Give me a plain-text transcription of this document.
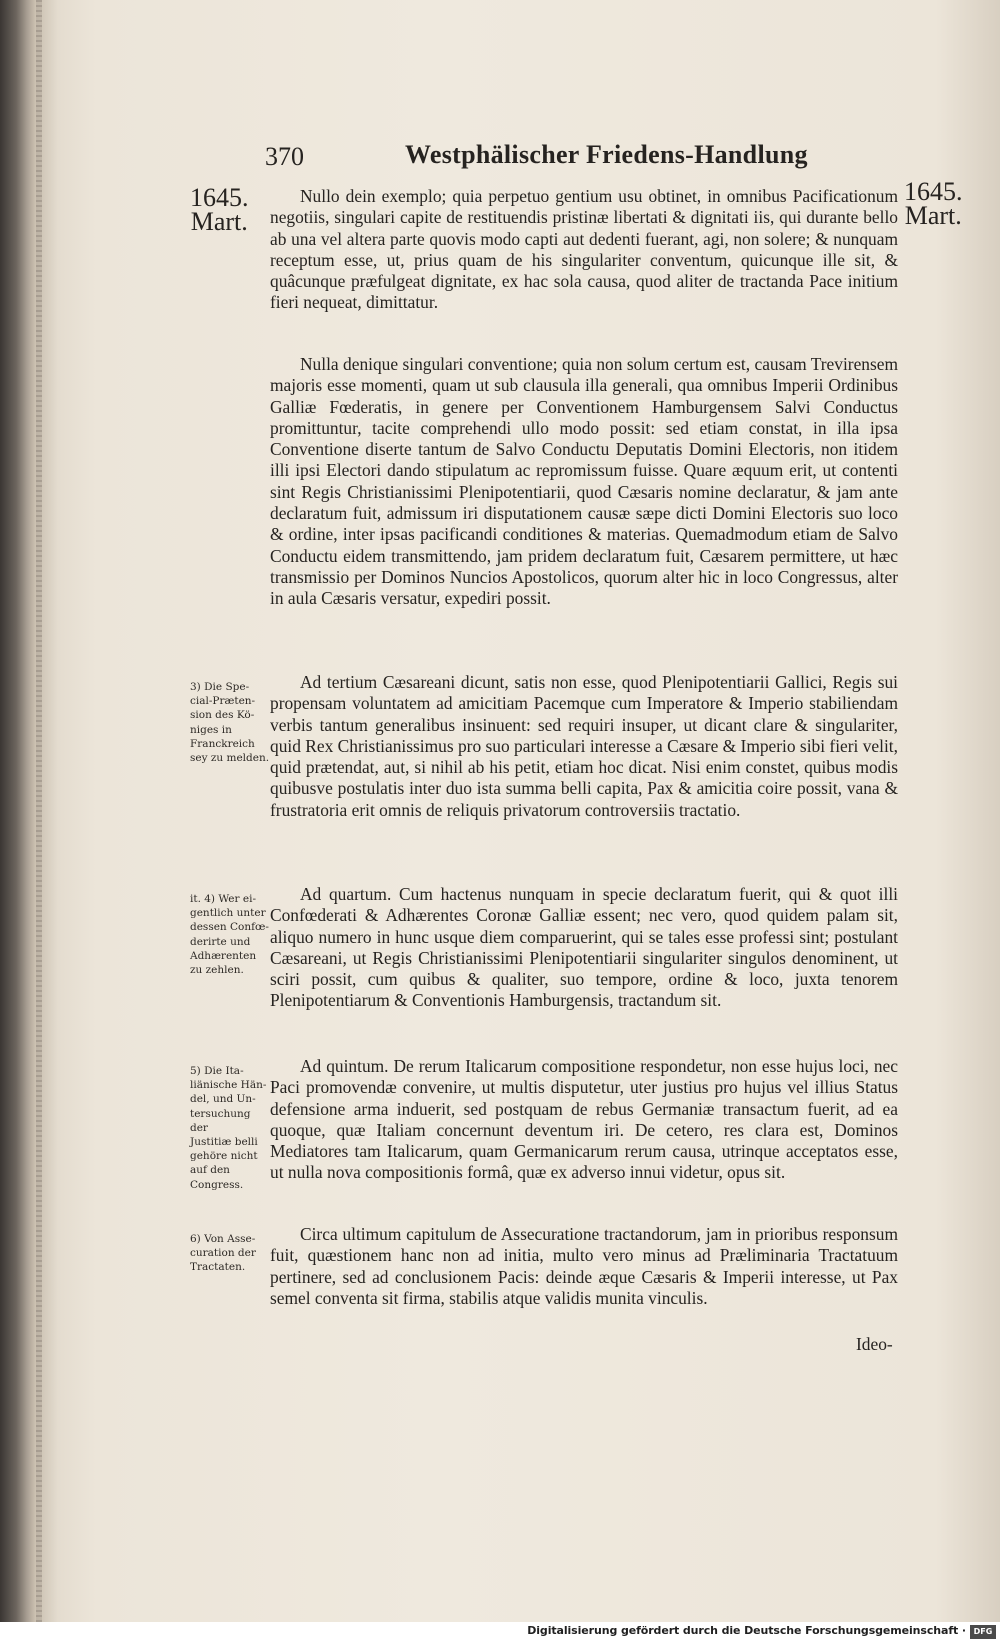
370	Westphälischer Friedens-Handlung
1645.
Mart.
1645.
Mart.

Nullo dein exemplo; quia perpetuo gentium usu obtinet, in omnibus Pacificationum negotiis, singulari capite de restituendis pristinæ libertati & dignitati iis, qui durante bello ab una vel altera parte quovis modo capti aut dedenti fuerant, agi, non solere; & nunquam receptum esse, ut, prius quam de his singulariter conventum, quicunque ille sit, & quâcunque præfulgeat dignitate, ex hac sola causa, quod aliter de tractanda Pace initium fieri nequeat, dimittatur.

Nulla denique singulari conventione; quia non solum certum est, causam Trevirensem majoris esse momenti, quam ut sub clausula illa generali, qua omnibus Imperii Ordinibus Galliæ Fœderatis, in genere per Conventionem Hamburgensem Salvi Conductus promittuntur, tacite comprehendi ullo modo possit: sed etiam constat, in illa ipsa Conventione diserte tantum de Salvo Conductu Deputatis Domini Electoris, non itidem illi ipsi Electori dando stipulatum ac repromissum fuisse. Quare æquum erit, ut contenti sint Regis Christianissimi Plenipotentiarii, quod Cæsaris nomine declaratur, & jam ante declaratum fuit, admissum iri disputationem causæ sæpe dicti Domini Electoris suo loco & ordine, inter ipsas pacificandi conditiones & materias. Quemadmodum etiam de Salvo Conductu eidem transmittendo, jam pridem declaratum fuit, Cæsarem permittere, ut hæc transmissio per Dominos Nuncios Apostolicos, quorum alter hic in loco Congressus, alter in aula Cæsaris versatur, expediri possit.

Ad tertium Cæsareani dicunt, satis non esse, quod Plenipotentiarii Gallici, Regis sui propensam voluntatem ad amicitiam Pacemque cum Imperatore & Imperio stabiliendam verbis tantum generalibus insinuent: sed requiri insuper, ut dicant clare & singulariter, quid Rex Christianissimus pro suo particulari interesse a Cæsare & Imperio sibi fieri velit, quid prætendat, aut, si nihil ab his petit, etiam hoc dicat. Nisi enim constet, quibus modis quibusve postulatis inter duo ista summa belli capita, Pax & amicitia coire possit, vana & frustratoria erit omnis de reliquis privatorum controversiis tractatio.

Ad quartum. Cum hactenus nunquam in specie declaratum fuerit, qui & quot illi Confœderati & Adhærentes Coronæ Galliæ essent; nec vero, quod quidem palam sit, aliquo numero in hunc usque diem comparuerint, qui se tales esse professi sint; postulant Cæsareani, ut Regis Christianissimi Plenipotentiarii singulariter singulos denominent, ut sciri possit, cum quibus & qualiter, suo tempore, ordine & loco, juxta tenorem Plenipotentiarum & Conventionis Hamburgensis, tractandum sit.

Ad quintum. De rerum Italicarum compositione respondetur, non esse hujus loci, nec Paci promovendæ convenire, ut multis disputetur, uter justius pro hujus vel illius Status defensione arma induerit, sed postquam de rebus Germaniæ transactum fuerit, ad ea quoque, quæ Italiam concernunt deventum iri. De cetero, res clara est, Dominos Mediatores tam Italicarum, quam Germanicarum rerum causa, utrinque acceptatos esse, ut nulla nova compositionis formâ, quæ ex adverso innui videtur, opus sit.

Circa ultimum capitulum de Assecuratione tractandorum, jam in prioribus responsum fuit, quæstionem hanc non ad initia, multo vero minus ad Præliminaria Tractatuum pertinere, sed ad conclusionem Pacis: deinde æque Cæsaris & Imperii interesse, ut Pax semel conventa sit firma, stabilis atque validis munita vinculis.

3) Die Spe-
cial-Præten-
sion des Kö-
niges in
Franckreich
sey zu melden.
it. 4) Wer ei-
gentlich unter
dessen Confœ-
derirte und
Adhærenten
zu zehlen.
5) Die Ita-
liänische Hän-
del, und Un-
tersuchung der
Justitiæ belli
gehöre nicht
auf den
Congress.
6) Von Asse-
curation der
Tractaten.
Ideo-
Digitalisierung gefördert durch die Deutsche Forschungsgemeinschaft · DFG
